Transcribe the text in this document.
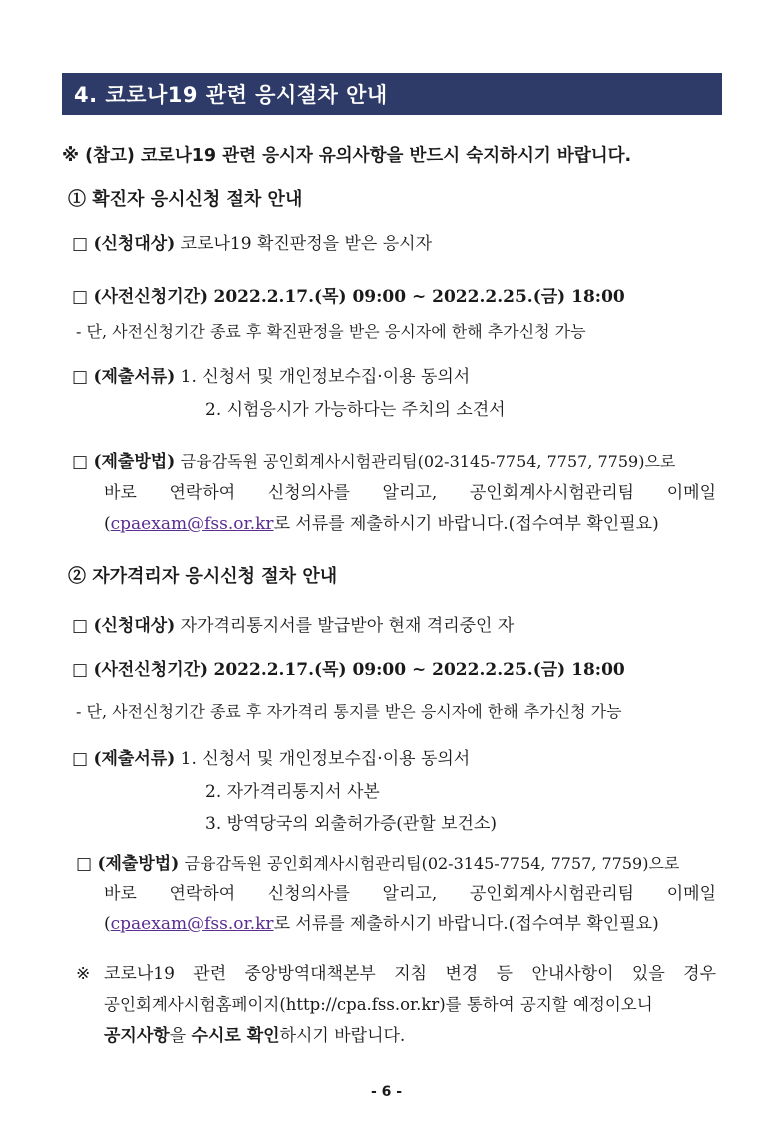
4. 코로나19 관련 응시절차 안내
※ (참고) 코로나19 관련 응시자 유의사항을 반드시 숙지하시기 바랍니다.
① 확진자 응시신청 절차 안내
□ (신청대상) 코로나19 확진판정을 받은 응시자
□ (사전신청기간) 2022.2.17.(목) 09:00 ~ 2022.2.25.(금) 18:00
- 단, 사전신청기간 종료 후 확진판정을 받은 응시자에 한해 추가신청 가능
□ (제출서류) 1. 신청서 및 개인정보수집·이용 동의서
2. 시험응시가 가능하다는 주치의 소견서
□ (제출방법) 금융감독원 공인회계사시험관리팀(02-3145-7754, 7757, 7759)으로
바로 연락하여 신청의사를 알리고, 공인회계사시험관리팀 이메일
(cpaexam@fss.or.kr로 서류를 제출하시기 바랍니다.(접수여부 확인필요)
② 자가격리자 응시신청 절차 안내
□ (신청대상) 자가격리통지서를 발급받아 현재 격리중인 자
□ (사전신청기간) 2022.2.17.(목) 09:00 ~ 2022.2.25.(금) 18:00
- 단, 사전신청기간 종료 후 자가격리 통지를 받은 응시자에 한해 추가신청 가능
□ (제출서류) 1. 신청서 및 개인정보수집·이용 동의서
2. 자가격리통지서 사본
3. 방역당국의 외출허가증(관할 보건소)
□ (제출방법) 금융감독원 공인회계사시험관리팀(02-3145-7754, 7757, 7759)으로
바로 연락하여 신청의사를 알리고, 공인회계사시험관리팀 이메일
(cpaexam@fss.or.kr로 서류를 제출하시기 바랍니다.(접수여부 확인필요)
※ 코로나19 관련 중앙방역대책본부 지침 변경 등 안내사항이 있을 경우
공인회계사시험홈페이지(http://cpa.fss.or.kr)를 통하여 공지할 예정이오니
공지사항을 수시로 확인하시기 바랍니다.
- 6 -
